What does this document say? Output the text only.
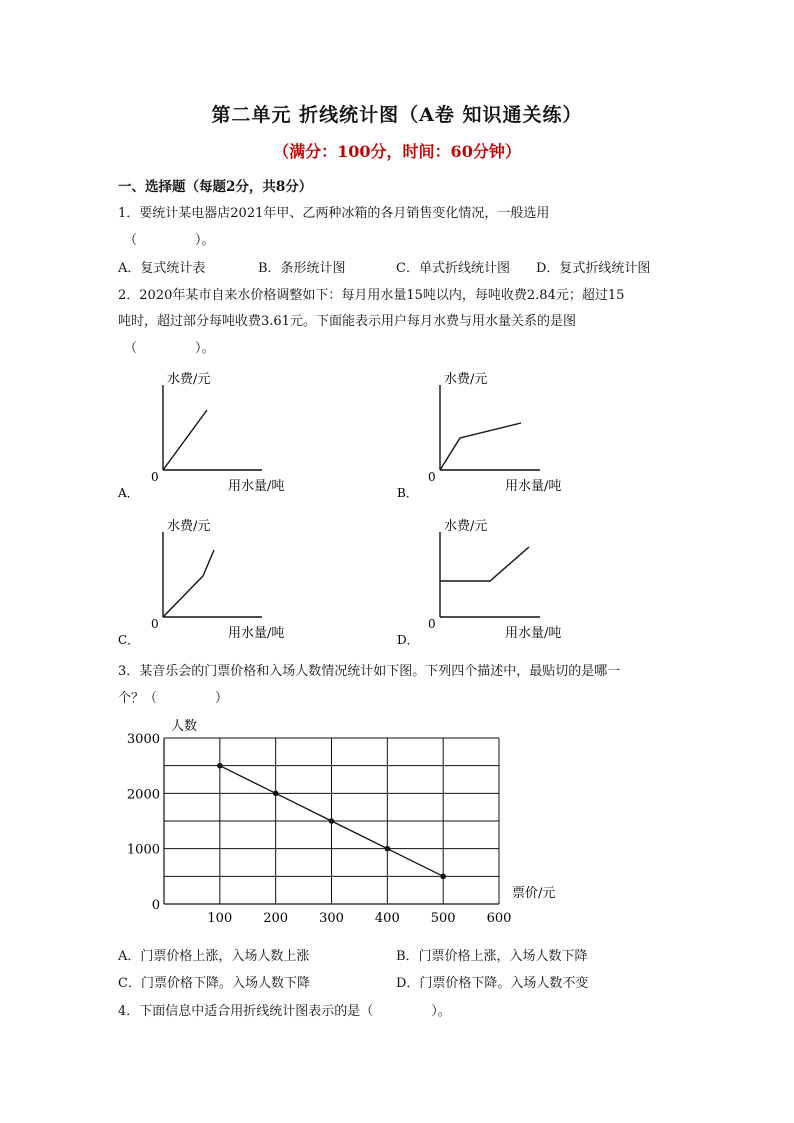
第二单元 折线统计图（A卷 知识通关练）
（满分：100分，时间：60分钟）
一、选择题（每题2分，共8分）
1．要统计某电器店2021年甲、乙两种冰箱的各月销售变化情况，一般选用
（	）。
A．复式统计表	B．条形统计图	C．单式折线统计图 D．复式折线统计图
2．2020年某市自来水价格调整如下：每月用水量15吨以内，每吨收费2.84元；超过15
吨时，超过部分每吨收费3.61元。下面能表示用户每月水费与用水量关系的是图
（	）。
水费/元
用水量/吨
0
A．
水费/元
用水量/吨
0
B．
水费/元
用水量/吨
0
C．
水费/元
用水量/吨
0
D．
3．某音乐会的门票价格和入场人数情况统计如下图。下列四个描述中，最贴切的是哪一
个？（	）
0
1000
2000
3000
100 200 300 400 500 600
人数
票价/元
A．门票价格上涨，入场人数上涨	B．门票价格上涨，入场人数下降
C．门票价格下降。入场人数下降	D．门票价格下降。入场人数不变
4．下面信息中适合用折线统计图表示的是（	）。
